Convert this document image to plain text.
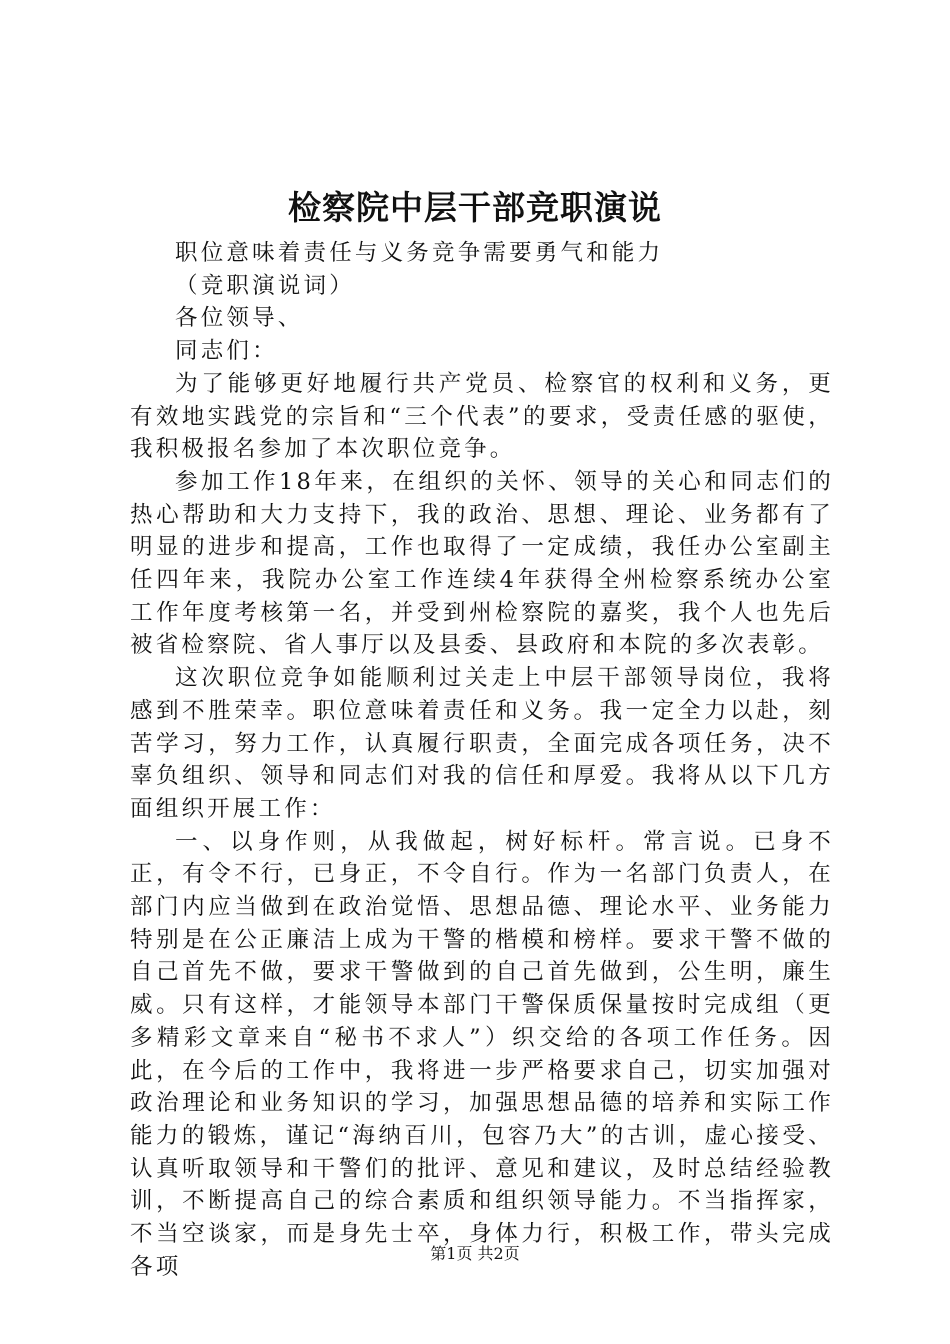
检察院中层干部竞职演说

职位意味着责任与义务竞争需要勇气和能力

（竞职演说词）

各位领导、

同志们：

为了能够更好地履行共产党员、检察官的权利和义务，更有效地实践党的宗旨和“三个代表”的要求，受责任感的驱使，我积极报名参加了本次职位竞争。

参加工作18年来，在组织的关怀、领导的关心和同志们的热心帮助和大力支持下，我的政治、思想、理论、业务都有了明显的进步和提高，工作也取得了一定成绩，我任办公室副主任四年来，我院办公室工作连续4年获得全州检察系统办公室工作年度考核第一名，并受到州检察院的嘉奖，我个人也先后被省检察院、省人事厅以及县委、县政府和本院的多次表彰。

这次职位竞争如能顺利过关走上中层干部领导岗位，我将感到不胜荣幸。职位意味着责任和义务。我一定全力以赴，刻苦学习，努力工作，认真履行职责，全面完成各项任务，决不辜负组织、领导和同志们对我的信任和厚爱。我将从以下几方面组织开展工作：

一、以身作则，从我做起，树好标杆。常言说。已身不正，有令不行，已身正，不令自行。作为一名部门负责人，在部门内应当做到在政治觉悟、思想品德、理论水平、业务能力特别是在公正廉洁上成为干警的楷模和榜样。要求干警不做的自己首先不做，要求干警做到的自己首先做到，公生明，廉生威。只有这样，才能领导本部门干警保质保量按时完成组（更多精彩文章来自“秘书不求人”）织交给的各项工作任务。因此，在今后的工作中，我将进一步严格要求自己，切实加强对政治理论和业务知识的学习，加强思想品德的培养和实际工作能力的锻炼，谨记“海纳百川，包容乃大”的古训，虚心接受、认真听取领导和干警们的批评、意见和建议，及时总结经验教训，不断提高自己的综合素质和组织领导能力。不当指挥家，不当空谈家，而是身先士卒，身体力行，积极工作，带头完成各项

第1页 共2页
